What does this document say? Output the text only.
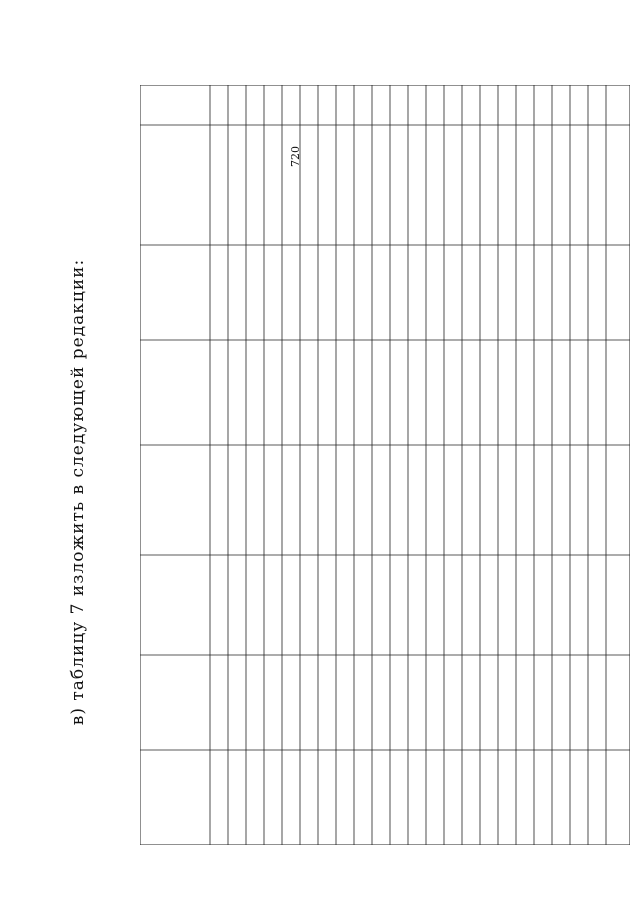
720
в) таблицу 7 изложить в следующей редакции:
